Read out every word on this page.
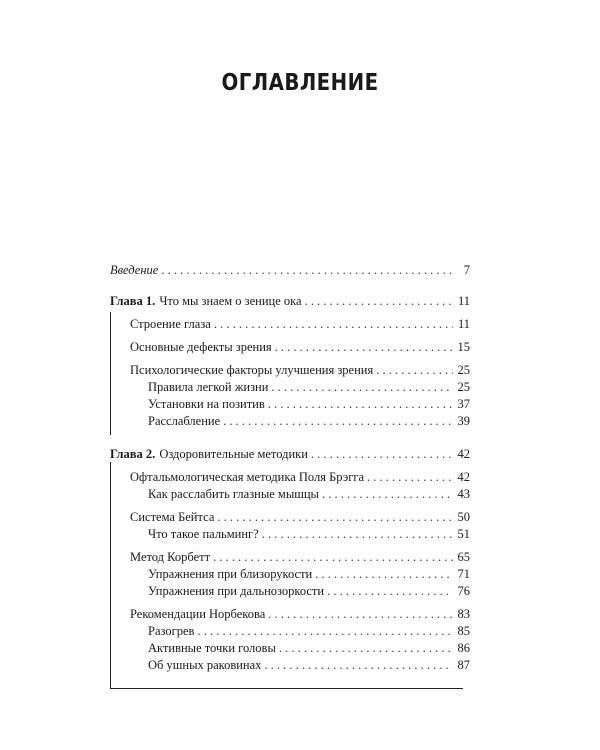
ОГЛАВЛЕНИЕ
Введение . . .	7
Глава 1. Что мы знаем о зенице ока . . .	11
Строение глаза . . .	11
Основные дефекты зрения . . .	15
Психологические факторы улучшения зрения . . .	25
Правила легкой жизни . . .	25
Установки на позитив . . .	37
Расслабление . . .	39
Глава 2. Оздоровительные методики . . .	42
Офтальмологическая методика Поля Брэгга . . .	42
Как расслабить глазные мышцы . . .	43
Система Бейтса . . .	50
Что такое пальминг? . . .	51
Метод Корбетт . . .	65
Упражнения при близорукости . . .	71
Упражнения при дальнозоркости . . .	76
Рекомендации Норбекова . . .	83
Разогрев . . .	85
Активные точки головы . . .	86
Об ушных раковинах . . .	87
